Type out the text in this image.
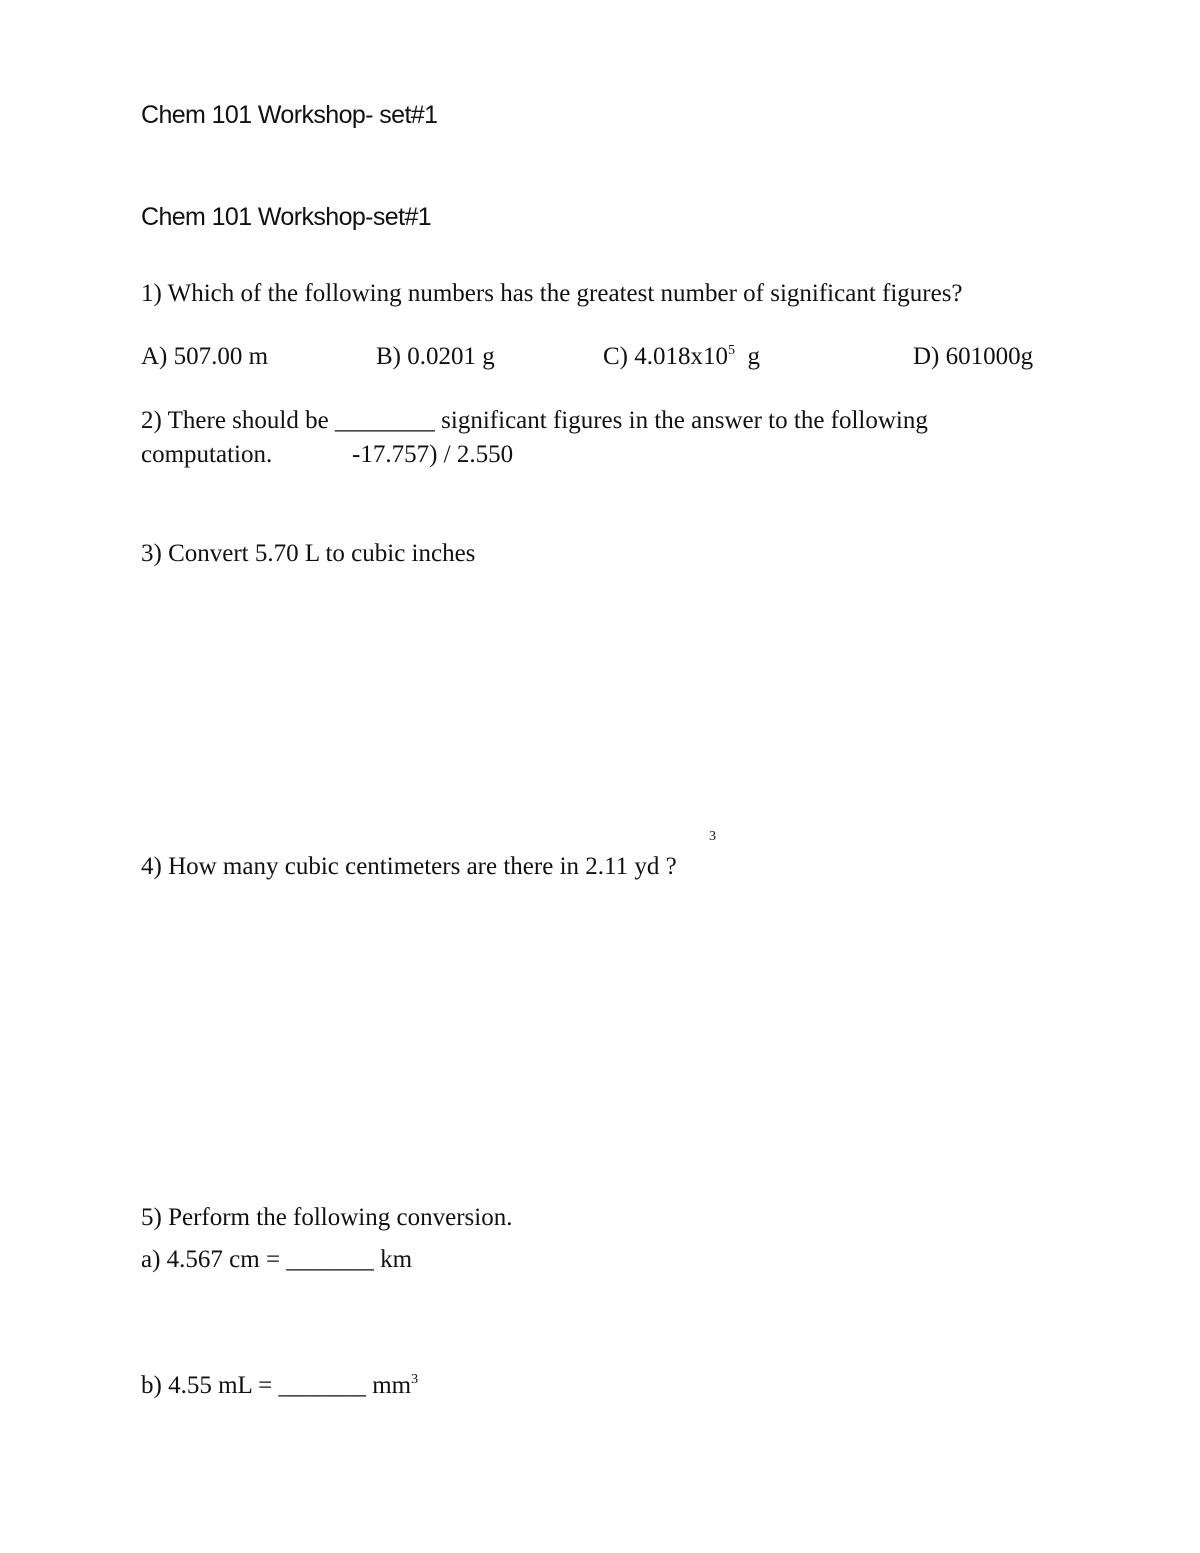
Chem 101 Workshop- set#1
Chem 101 Workshop-set#1
1) Which of the following numbers has the greatest number of significant figures?
A) 507.00 m	B) 0.0201 g	C) $4.018x10^5$ g	D) 601000g
2) There should be ________ significant figures in the answer to the following
computation.	-17.757) / 2.550
3) Convert 5.70 L to cubic inches
3
4) How many cubic centimeters are there in 2.11 yd ?
5) Perform the following conversion.
a) 4.567 cm = _______ km
b) 4.55 mL = _______ $mm^3$
